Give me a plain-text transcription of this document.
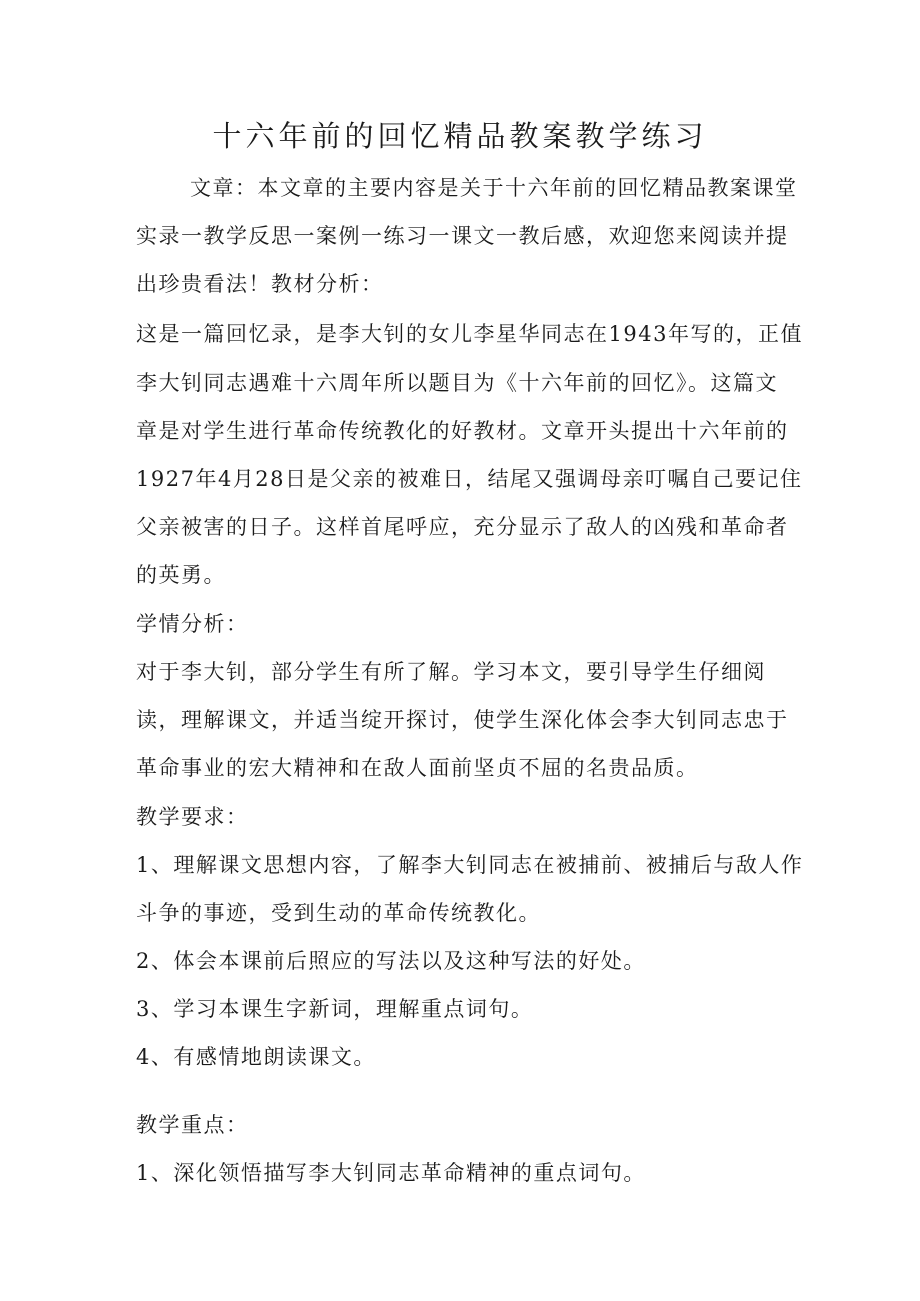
十六年前的回忆精品教案教学练习
文章：本文章的主要内容是关于十六年前的回忆精品教案课堂
实录一教学反思一案例一练习一课文一教后感，欢迎您来阅读并提
出珍贵看法！教材分析：
这是一篇回忆录，是李大钊的女儿李星华同志在1943年写的，正值
李大钊同志遇难十六周年所以题目为《十六年前的回忆》。这篇文
章是对学生进行革命传统教化的好教材。文章开头提出十六年前的
1927年4月28日是父亲的被难日，结尾又强调母亲叮嘱自己要记住
父亲被害的日子。这样首尾呼应，充分显示了敌人的凶残和革命者
的英勇。
学情分析：
对于李大钊，部分学生有所了解。学习本文，要引导学生仔细阅
读，理解课文，并适当绽开探讨，使学生深化体会李大钊同志忠于
革命事业的宏大精神和在敌人面前坚贞不屈的名贵品质。
教学要求：
1、理解课文思想内容，了解李大钊同志在被捕前、被捕后与敌人作
斗争的事迹，受到生动的革命传统教化。
2、体会本课前后照应的写法以及这种写法的好处。
3、学习本课生字新词，理解重点词句。
4、有感情地朗读课文。
教学重点：
1、深化领悟描写李大钊同志革命精神的重点词句。
